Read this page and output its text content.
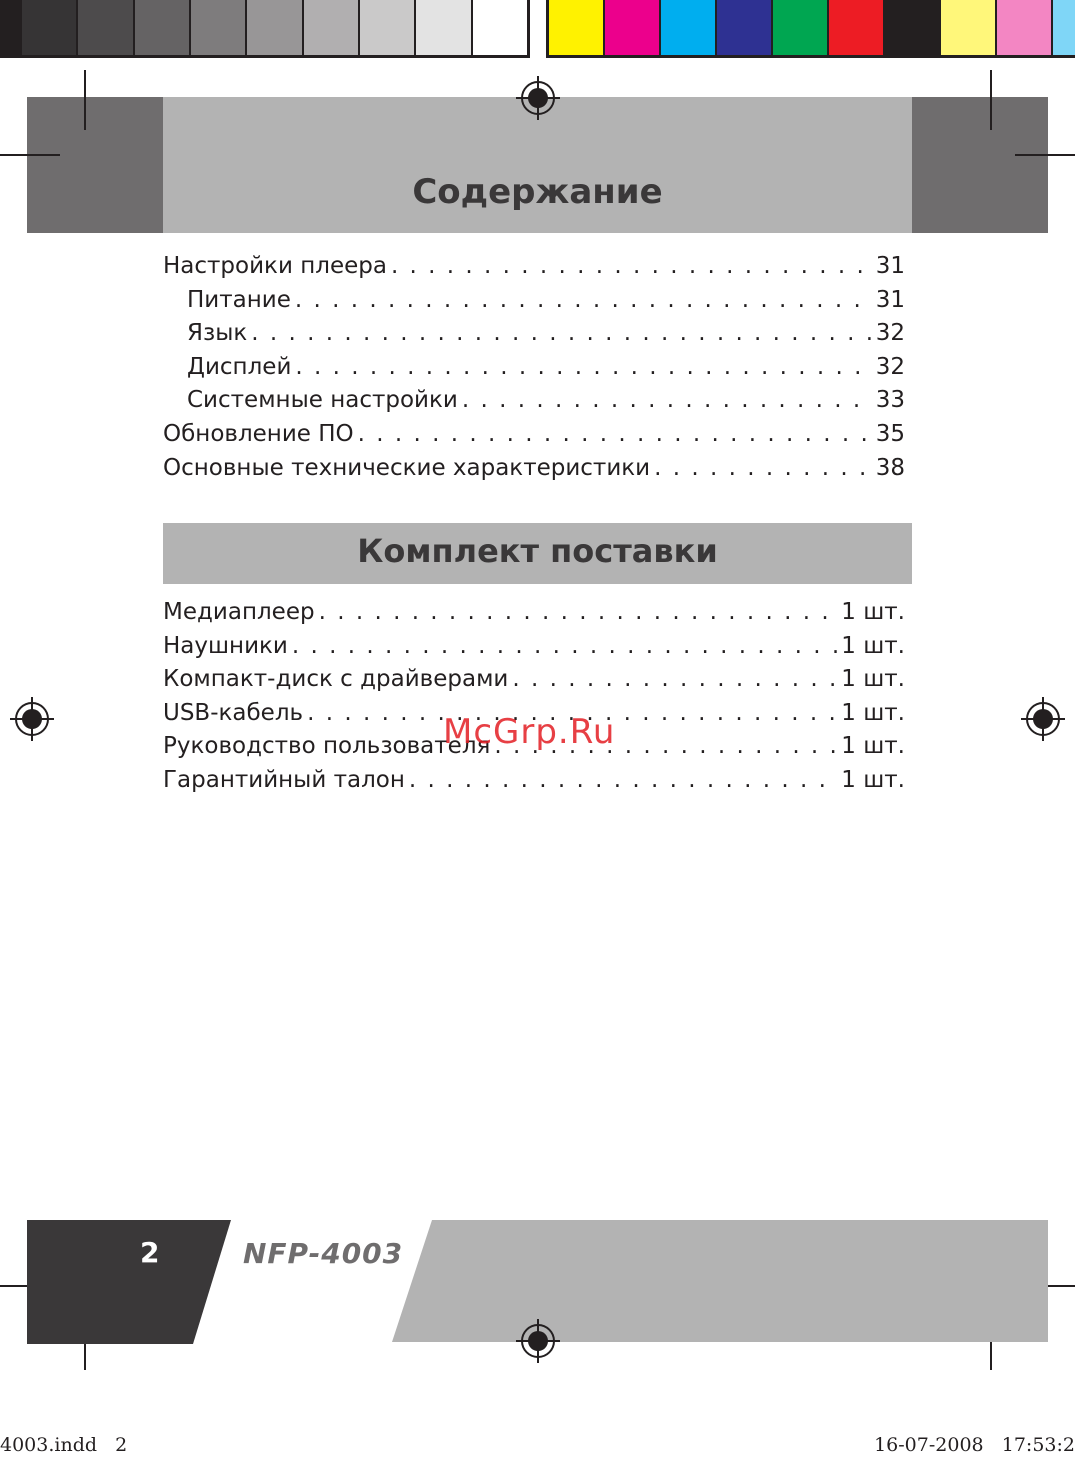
Содержание
Настройки плеера . . .	31
Питание . . .	31
Язык . . .	32
Дисплей . . .	32
Системные настройки . . .	33
Обновление ПО . . .	35
Основные технические характеристики . . .	38
Комплект поставки
Медиаплеер . . .	1 шт.
Наушники . . .	1 шт.
Компакт-диск с драйверами . . .	1 шт.
USB-кабель . . .	1 шт.
Руководство пользователя . . .	1 шт.
Гарантийный талон . . .	1 шт.
McGrp.Ru
2	NFP-4003
4003.indd   2	16-07-2008   17:53:2
